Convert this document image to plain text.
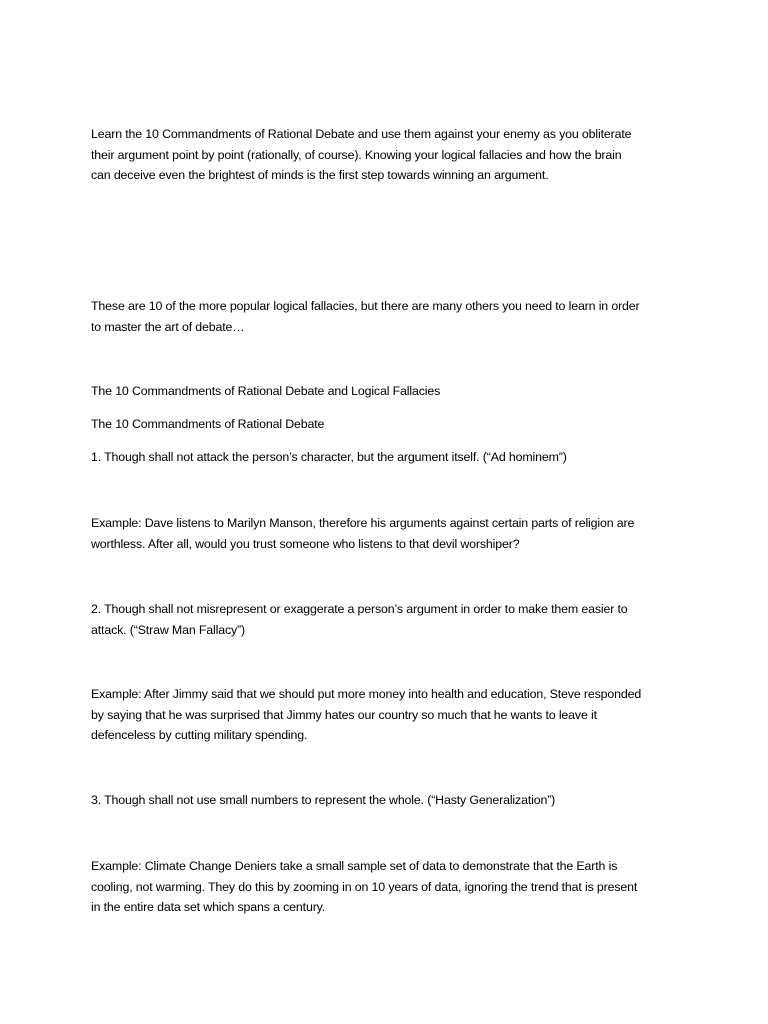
Learn the 10 Commandments of Rational Debate and use them against your enemy as you obliterate
their argument point by point (rationally, of course). Knowing your logical fallacies and how the brain
can deceive even the brightest of minds is the first step towards winning an argument.

These are 10 of the more popular logical fallacies, but there are many others you need to learn in order
to master the art of debate…

The 10 Commandments of Rational Debate and Logical Fallacies

The 10 Commandments of Rational Debate

1. Though shall not attack the person’s character, but the argument itself. (“Ad hominem”)

Example: Dave listens to Marilyn Manson, therefore his arguments against certain parts of religion are
worthless. After all, would you trust someone who listens to that devil worshiper?

2. Though shall not misrepresent or exaggerate a person’s argument in order to make them easier to
attack. (“Straw Man Fallacy”)

Example: After Jimmy said that we should put more money into health and education, Steve responded
by saying that he was surprised that Jimmy hates our country so much that he wants to leave it
defenceless by cutting military spending.

3. Though shall not use small numbers to represent the whole. (“Hasty Generalization”)

Example: Climate Change Deniers take a small sample set of data to demonstrate that the Earth is
cooling, not warming. They do this by zooming in on 10 years of data, ignoring the trend that is present
in the entire data set which spans a century.
